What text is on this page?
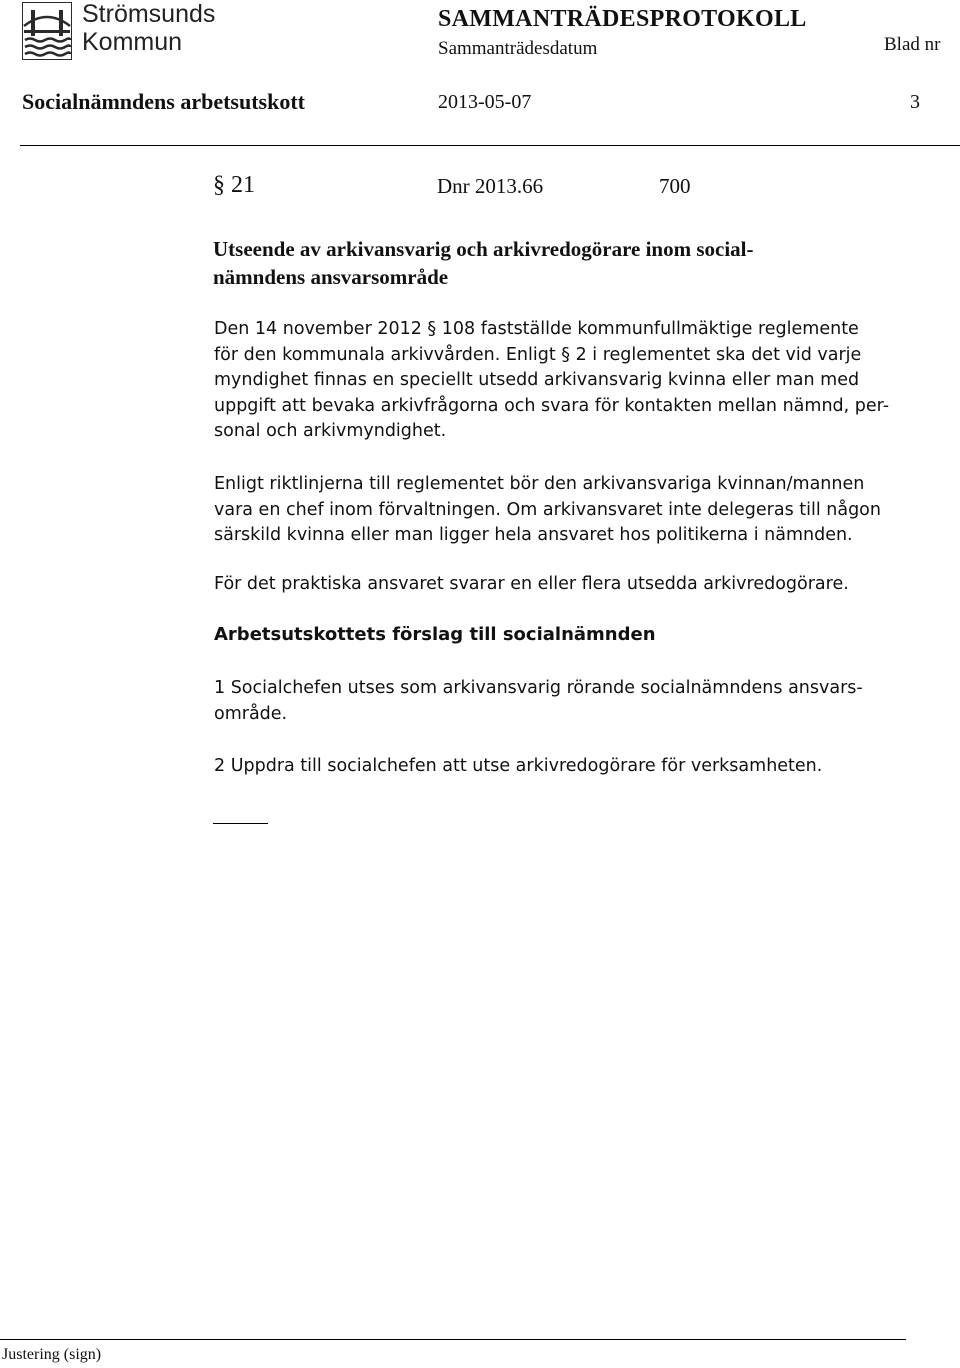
Strömsunds
Kommun
SAMMANTRÄDESPROTOKOLL
Sammanträdesdatum	Blad nr
Socialnämndens arbetsutskott	2013-05-07	3
§ 21	Dnr 2013.66	700
Utseende av arkivansvarig och arkivredogörare inom social-
nämndens ansvarsområde
Den 14 november 2012 § 108 fastställde kommunfullmäktige reglemente
för den kommunala arkivvården. Enligt § 2 i reglementet ska det vid varje
myndighet finnas en speciellt utsedd arkivansvarig kvinna eller man med
uppgift att bevaka arkivfrågorna och svara för kontakten mellan nämnd, per-
sonal och arkivmyndighet.
Enligt riktlinjerna till reglementet bör den arkivansvariga kvinnan/mannen
vara en chef inom förvaltningen. Om arkivansvaret inte delegeras till någon
särskild kvinna eller man ligger hela ansvaret hos politikerna i nämnden.
För det praktiska ansvaret svarar en eller flera utsedda arkivredogörare.
Arbetsutskottets förslag till socialnämnden
1 Socialchefen utses som arkivansvarig rörande socialnämndens ansvars-
område.
2 Uppdra till socialchefen att utse arkivredogörare för verksamheten.
Justering (sign)
